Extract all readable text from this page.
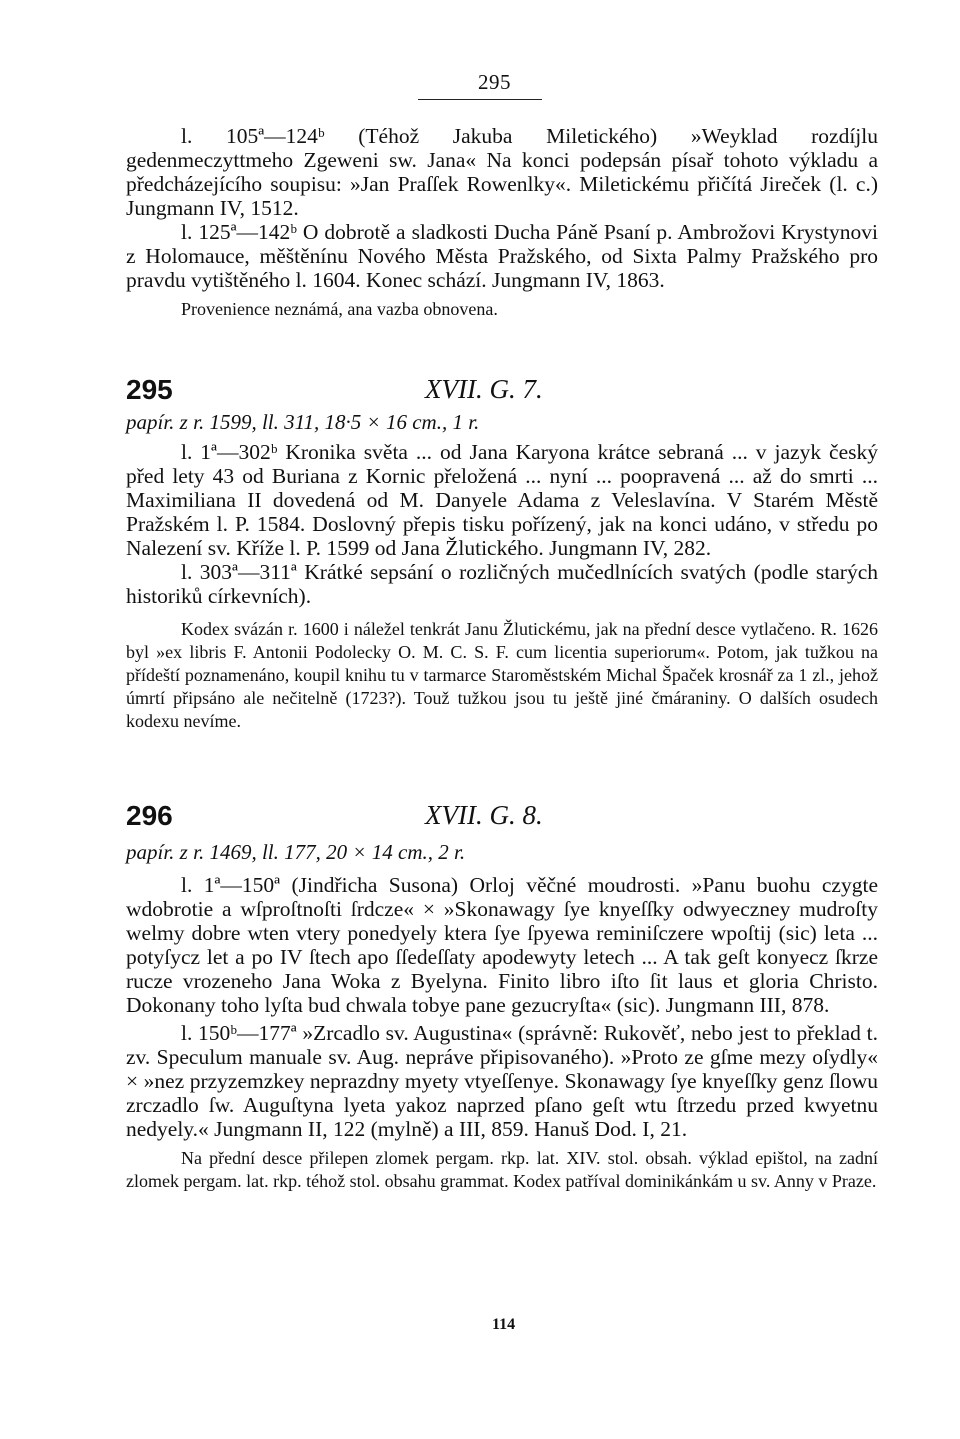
295

l. 105ª—124ᵇ (Téhož Jakuba Miletického) »Weyklad rozdíjlu gedenmeczyttmeho Zgeweni sw. Jana« Na konci podepsán písař tohoto výkladu a předcházejícího soupisu: »Jan Praſſek Rowenlky«. Miletickému přičítá Jireček (l. c.) Jungmann IV, 1512.

l. 125ª—142ᵇ O dobrotě a sladkosti Ducha Páně Psaní p. Ambrožovi Krystynovi z Holomauce, měštěnínu Nového Města Pražského, od Sixta Palmy Pražského pro pravdu vytištěného l. 1604. Konec schází. Jungmann IV, 1863.

Provenience neznámá, ana vazba obnovena.

295	XVII. G. 7.
papír. z r. 1599, ll. 311, 18·5 × 16 cm., 1 r.

l. 1ª—302ᵇ Kronika světa ... od Jana Karyona krátce sebraná ... v jazyk český před lety 43 od Buriana z Kornic přeložená ... nyní ... poopravená ... až do smrti ... Maximiliana II dovedená od M. Danyele Adama z Veleslavína. V Starém Městě Pražském l. P. 1584. Doslovný přepis tisku pořízený, jak na konci udáno, v středu po Nalezení sv. Kříže l. P. 1599 od Jana Žlutického. Jungmann IV, 282.

l. 303ª—311ª Krátké sepsání o rozličných mučedlnících svatých (podle starých historiků církevních).

Kodex svázán r. 1600 i náležel tenkrát Janu Žlutickému, jak na přední desce vytlačeno. R. 1626 byl »ex libris F. Antonii Podolecky O. M. C. S. F. cum licentia superiorum«. Potom, jak tužkou na přídeští poznamenáno, koupil knihu tu v tarmarce Staroměstském Michal Špaček krosnář za 1 zl., jehož úmrtí připsáno ale nečitelně (1723?). Touž tužkou jsou tu ještě jiné čmáraniny. O dalších osudech kodexu nevíme.

296	XVII. G. 8.
papír. z r. 1469, ll. 177, 20 × 14 cm., 2 r.

l. 1ª—150ª (Jindřicha Susona) Orloj věčné moudrosti. »Panu buohu czygte wdobrotie a wſproſtnoſti ſrdcze« × »Skonawagy ſye knyeſſky odwyeczney mudroſty welmy dobre wten vtery ponedyely ktera ſye ſpyewa reminiſczere wpoſtij (sic) leta ... potyſycz let a po IV ſtech apo ſſedeſſaty apodewyty letech ... A tak geſt konyecz ſkrze rucze vrozeneho Jana Woka z Byelyna. Finito libro iſto ſit laus et gloria Christo. Dokonany toho lyſta bud chwala tobye pane gezucryſta« (sic). Jungmann III, 878.

l. 150ᵇ—177ª »Zrcadlo sv. Augustina« (správně: Rukověť, nebo jest to překlad t. zv. Speculum manuale sv. Aug. nepráve připisovaného). »Proto ze gſme mezy oſydly« × »nez przyzemzkey neprazdny myety vtyeſſenye. Skonawagy ſye knyeſſky genz ſlowu zrczadlo ſw. Auguſtyna lyeta yakoz naprzed pſano geſt wtu ſtrzedu przed kwyetnu nedyely.« Jungmann II, 122 (mylně) a III, 859. Hanuš Dod. I, 21.

Na přední desce přilepen zlomek pergam. rkp. lat. XIV. stol. obsah. výklad epištol, na zadní zlomek pergam. lat. rkp. téhož stol. obsahu grammat. Kodex patříval dominikánkám u sv. Anny v Praze.

114
